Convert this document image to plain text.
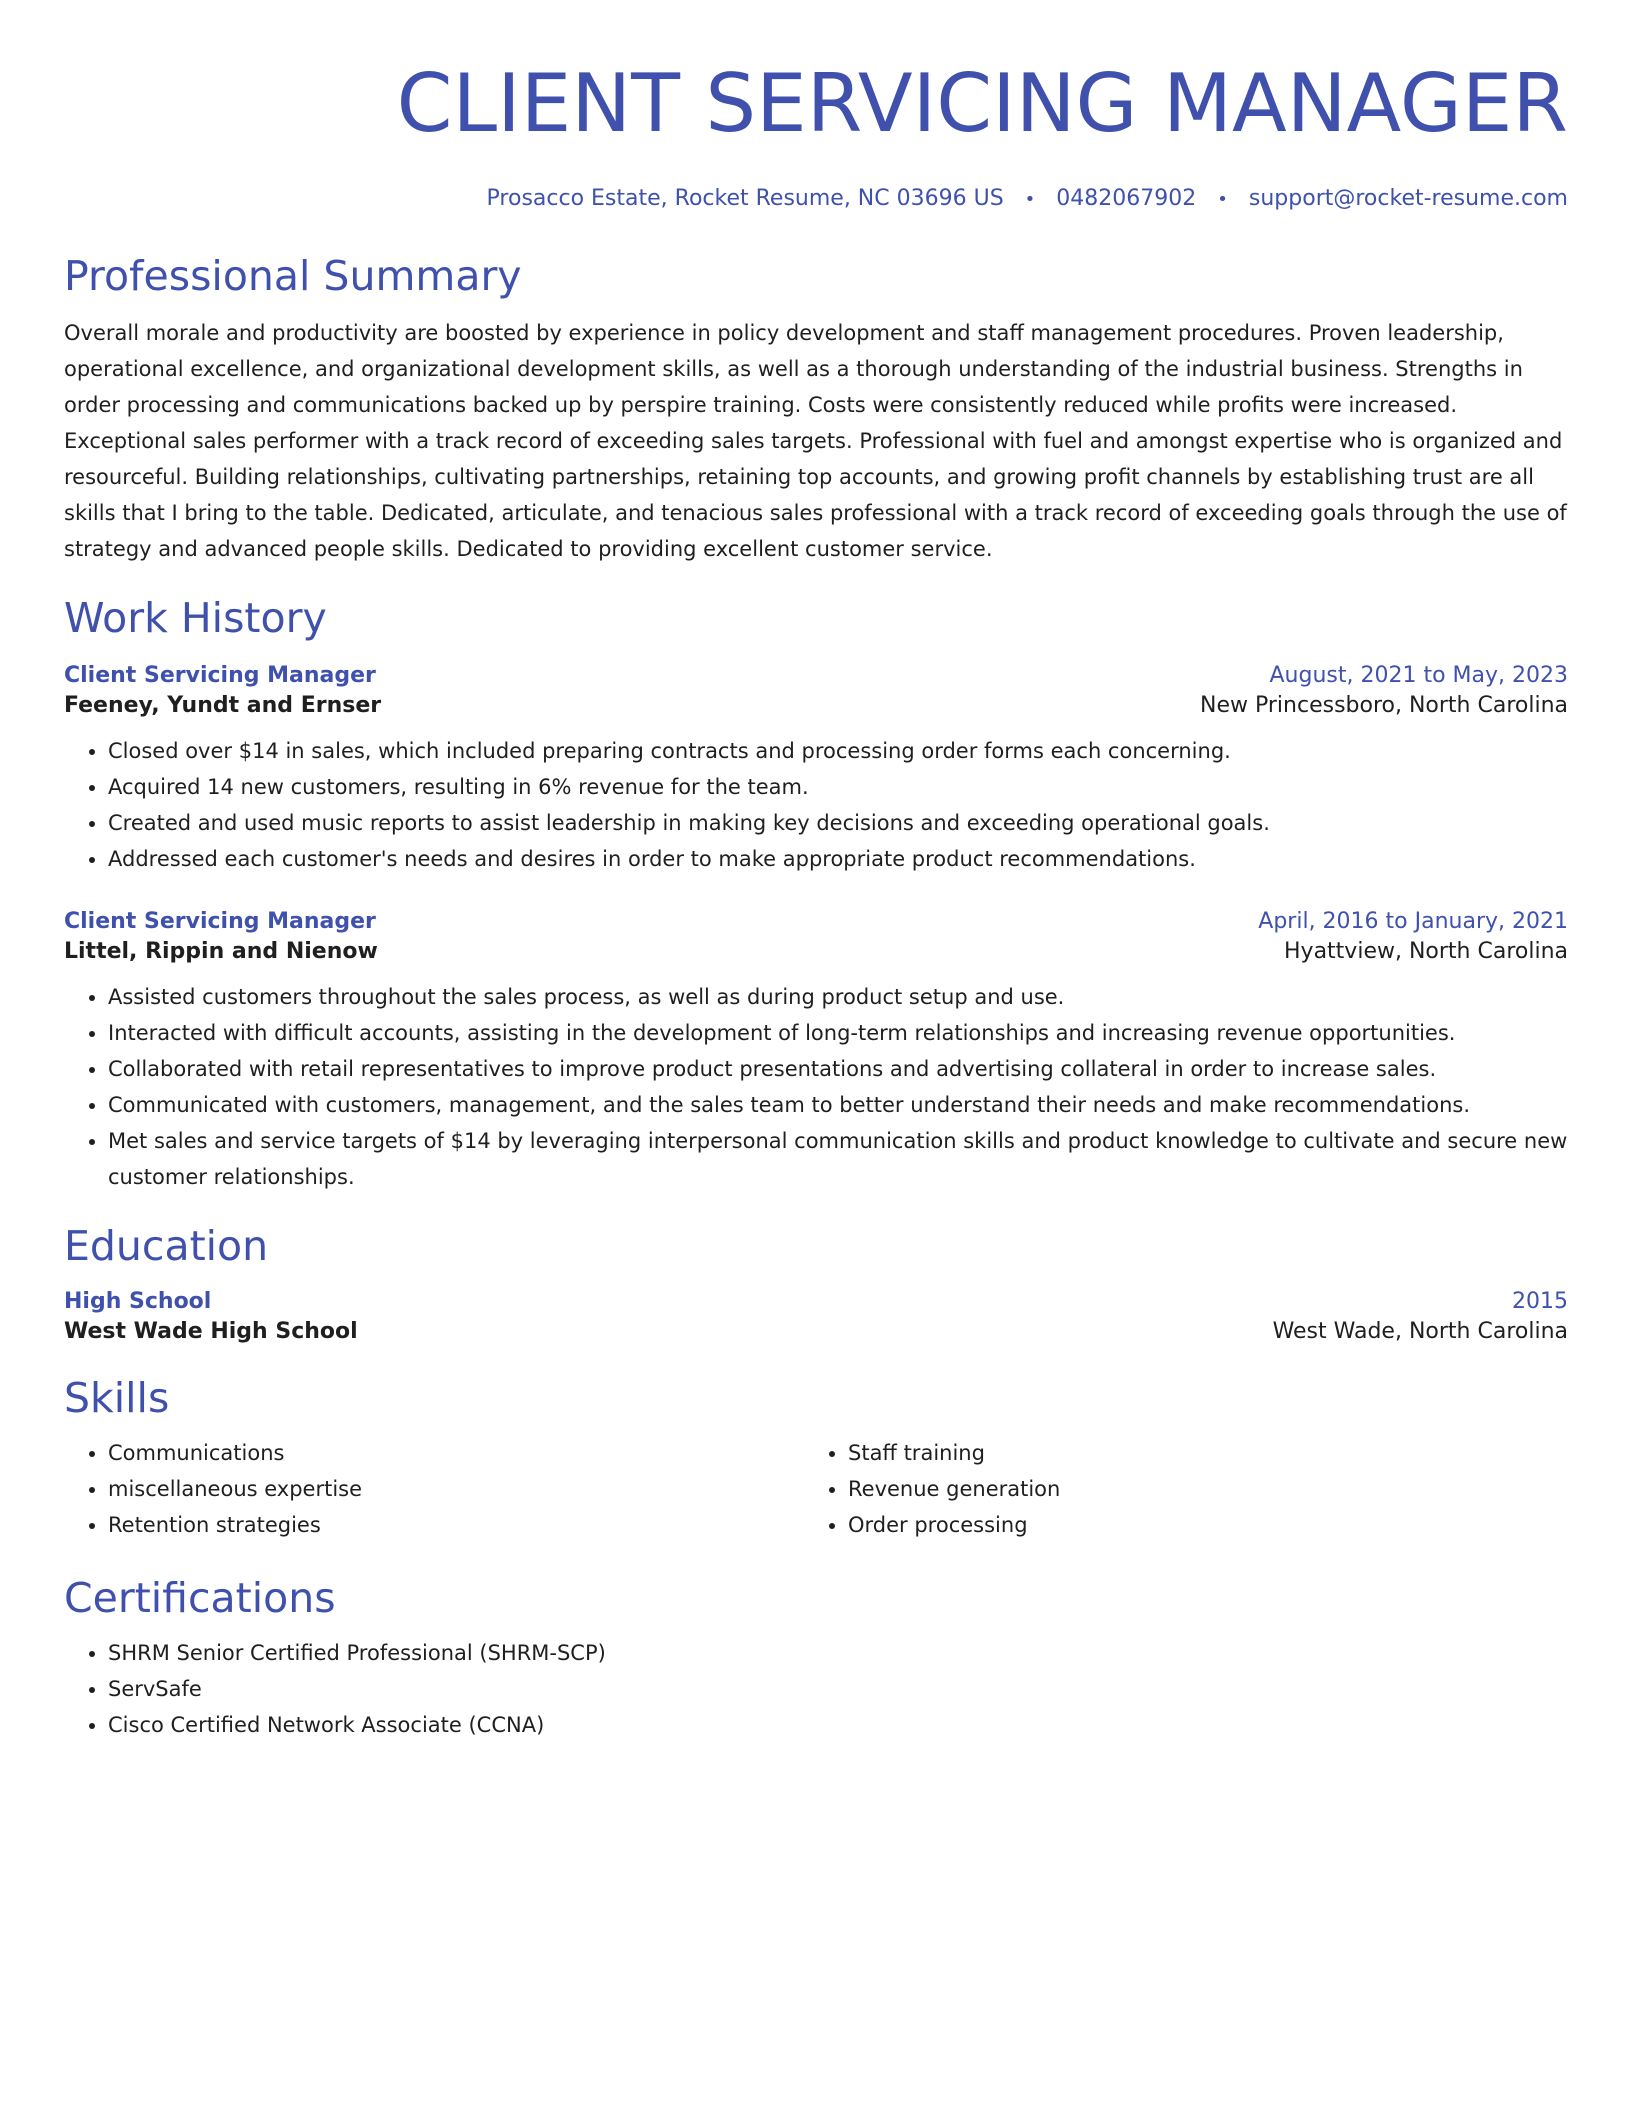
CLIENT SERVICING MANAGER
Prosacco Estate, Rocket Resume, NC 03696 US • 0482067902 • support@rocket-resume.com
Professional Summary
Overall morale and productivity are boosted by experience in policy development and staff management procedures. Proven leadership, operational excellence, and organizational development skills, as well as a thorough understanding of the industrial business. Strengths in order processing and communications backed up by perspire training. Costs were consistently reduced while profits were increased. Exceptional sales performer with a track record of exceeding sales targets. Professional with fuel and amongst expertise who is organized and resourceful. Building relationships, cultivating partnerships, retaining top accounts, and growing profit channels by establishing trust are all skills that I bring to the table. Dedicated, articulate, and tenacious sales professional with a track record of exceeding goals through the use of strategy and advanced people skills. Dedicated to providing excellent customer service.
Work History
Client Servicing Manager	August, 2021 to May, 2023
Feeney, Yundt and Ernser	New Princessboro, North Carolina
• Closed over $14 in sales, which included preparing contracts and processing order forms each concerning.
• Acquired 14 new customers, resulting in 6% revenue for the team.
• Created and used music reports to assist leadership in making key decisions and exceeding operational goals.
• Addressed each customer's needs and desires in order to make appropriate product recommendations.
Client Servicing Manager	April, 2016 to January, 2021
Littel, Rippin and Nienow	Hyattview, North Carolina
• Assisted customers throughout the sales process, as well as during product setup and use.
• Interacted with difficult accounts, assisting in the development of long-term relationships and increasing revenue opportunities.
• Collaborated with retail representatives to improve product presentations and advertising collateral in order to increase sales.
• Communicated with customers, management, and the sales team to better understand their needs and make recommendations.
• Met sales and service targets of $14 by leveraging interpersonal communication skills and product knowledge to cultivate and secure new customer relationships.
Education
High School	2015
West Wade High School	West Wade, North Carolina
Skills
• Communications
• miscellaneous expertise
• Retention strategies
• Staff training
• Revenue generation
• Order processing
Certifications
• SHRM Senior Certified Professional (SHRM-SCP)
• ServSafe
• Cisco Certified Network Associate (CCNA)
